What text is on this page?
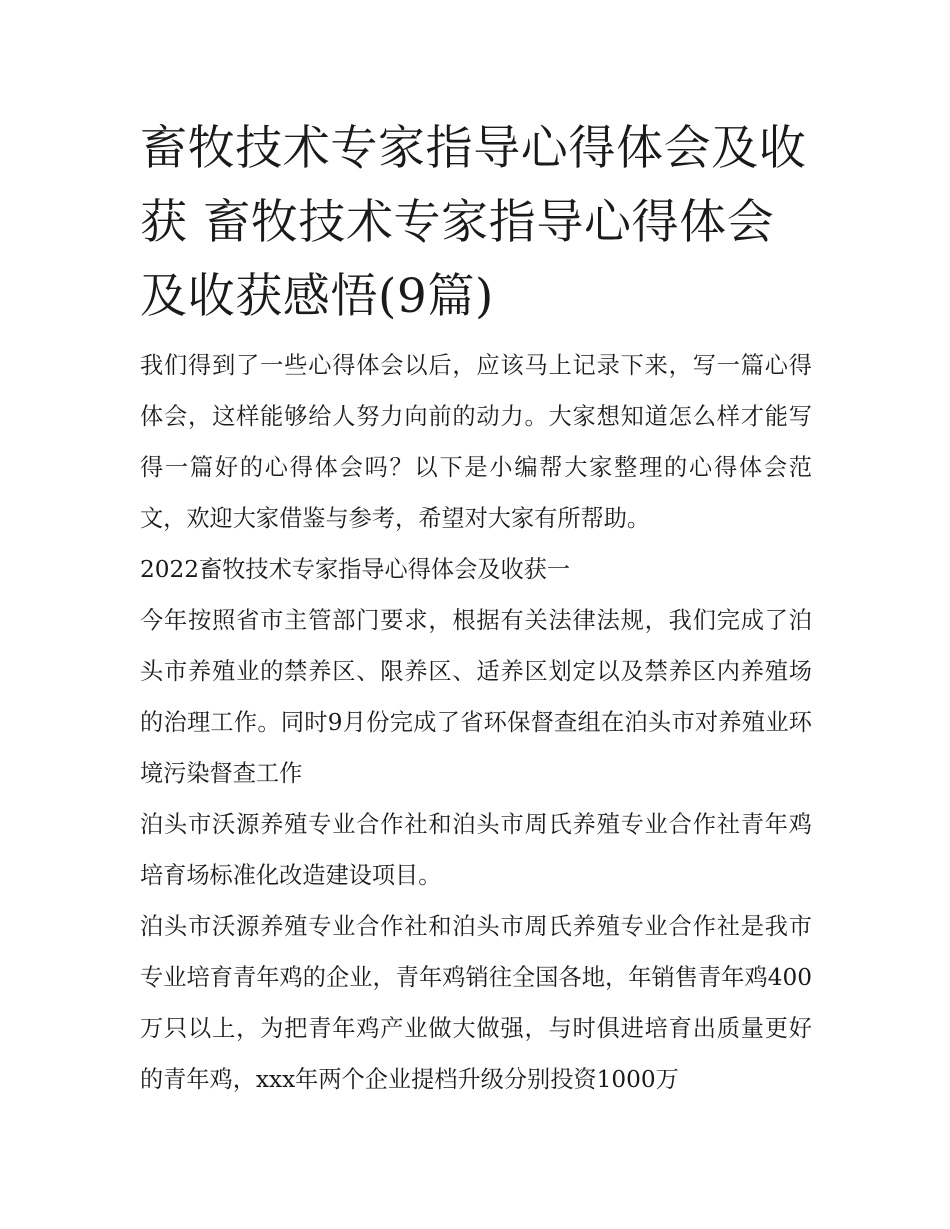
畜牧技术专家指导心得体会及收获 畜牧技术专家指导心得体会及收获感悟(9篇)

我们得到了一些心得体会以后，应该马上记录下来，写一篇心得体会，这样能够给人努力向前的动力。大家想知道怎么样才能写得一篇好的心得体会吗？以下是小编帮大家整理的心得体会范文，欢迎大家借鉴与参考，希望对大家有所帮助。

2022畜牧技术专家指导心得体会及收获一

今年按照省市主管部门要求，根据有关法律法规，我们完成了泊头市养殖业的禁养区、限养区、适养区划定以及禁养区内养殖场的治理工作。同时9月份完成了省环保督查组在泊头市对养殖业环境污染督查工作

泊头市沃源养殖专业合作社和泊头市周氏养殖专业合作社青年鸡培育场标准化改造建设项目。

泊头市沃源养殖专业合作社和泊头市周氏养殖专业合作社是我市专业培育青年鸡的企业，青年鸡销往全国各地，年销售青年鸡400万只以上，为把青年鸡产业做大做强，与时俱进培育出质量更好的青年鸡，xxx年两个企业提档升级分别投资1000万
